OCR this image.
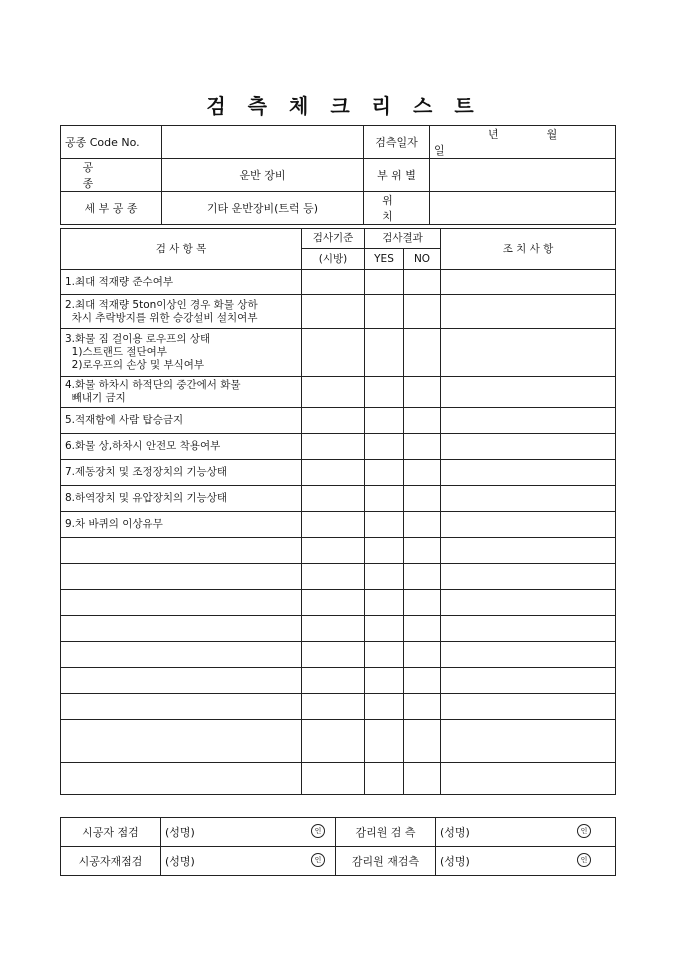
검 측 체 크 리 스 트
공종 Code No.		검측일자	년 월일
공 종	운반 장비	부 위 별	
세 부 공 종	기타 운반장비(트럭 등)	위 치	
검 사 항 목	검사기준	검사결과		조 치 사 항
	(시방)	YES	NO	

1.최대 적재량 준수여부				

2.최대 적재량 5ton이상인 경우 화물 상하
차시 추락방지를 위한 승강설비 설치여부				

3.화물 짐 걸이용 로우프의 상태
1)스트랜드 절단여부
2)로우프의 손상 및 부식여부				

4.화물 하차시 하적단의 중간에서 화물
빼내기 금지				

5.적재함에 사람 탑승금지				

6.화물 상,하차시 안전모 착용여부				

7.제동장치 및 조정장치의 기능상태				

8.하역장치 및 유압장치의 기능상태				

9.차 바퀴의 이상유무				

시공자 점검	(성명) 인	감리원 검 측	(성명) 인

시공자재점검	(성명) 인	감리원 재검측	(성명) 인
